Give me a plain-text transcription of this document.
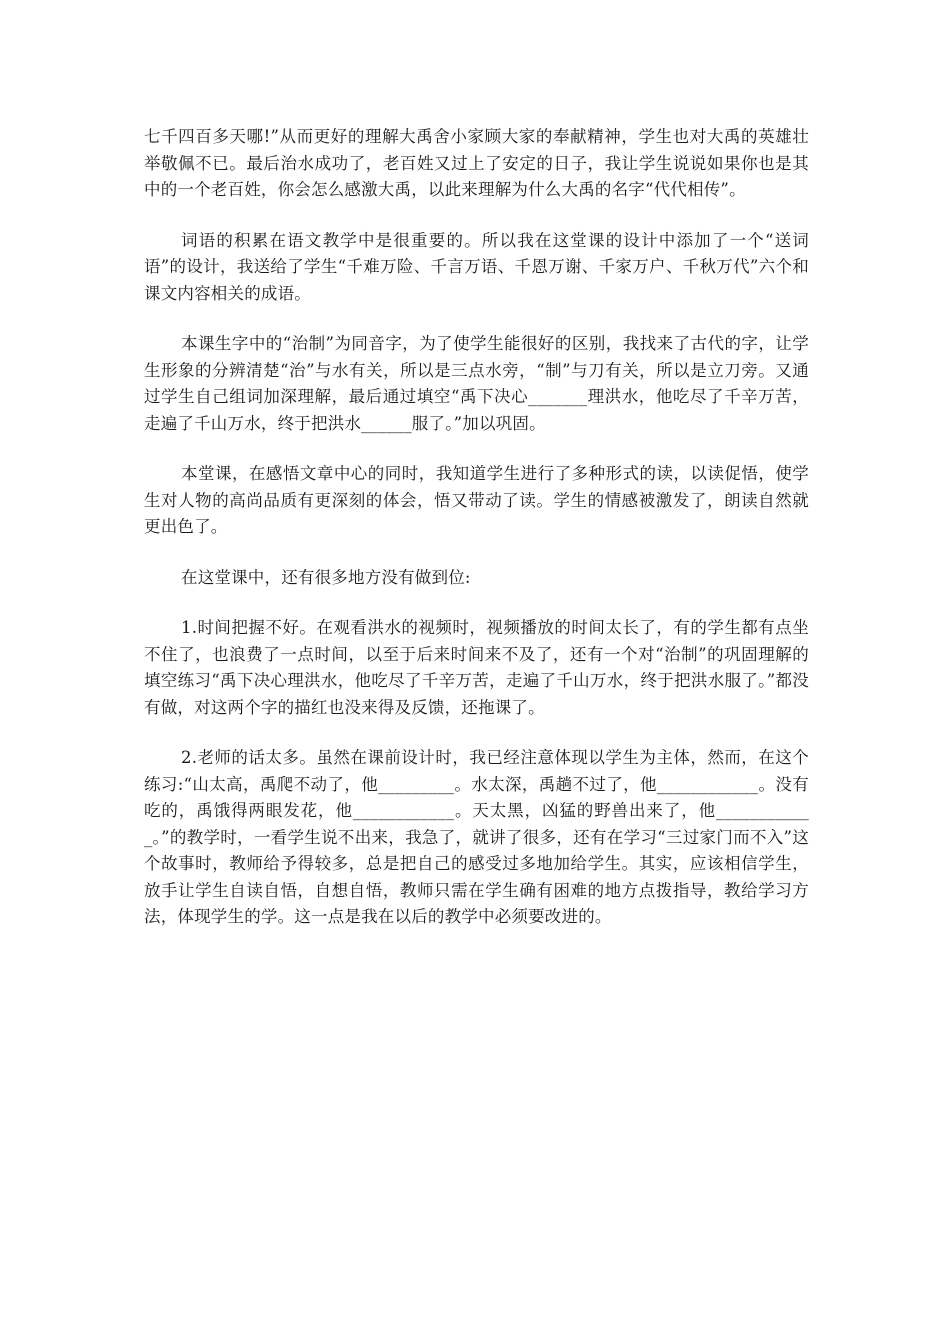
七千四百多天哪!”从而更好的理解大禹舍小家顾大家的奉献精神，学生也对大禹的英雄壮举敬佩不已。最后治水成功了，老百姓又过上了安定的日子，我让学生说说如果你也是其中的一个老百姓，你会怎么感激大禹，以此来理解为什么大禹的名字“代代相传”。

词语的积累在语文教学中是很重要的。所以我在这堂课的设计中添加了一个“送词语”的设计，我送给了学生“千难万险、千言万语、千恩万谢、千家万户、千秋万代”六个和课文内容相关的成语。

本课生字中的“治制”为同音字，为了使学生能很好的区别，我找来了古代的字，让学生形象的分辨清楚“治”与水有关，所以是三点水旁，“制”与刀有关，所以是立刀旁。又通过学生自己组词加深理解，最后通过填空“禹下决心_______理洪水，他吃尽了千辛万苦，走遍了千山万水，终于把洪水______服了。”加以巩固。

本堂课，在感悟文章中心的同时，我知道学生进行了多种形式的读，以读促悟，使学生对人物的高尚品质有更深刻的体会，悟又带动了读。学生的情感被激发了，朗读自然就更出色了。

在这堂课中，还有很多地方没有做到位:

1.时间把握不好。在观看洪水的视频时，视频播放的时间太长了，有的学生都有点坐不住了，也浪费了一点时间，以至于后来时间来不及了，还有一个对“治制”的巩固理解的填空练习“禹下决心理洪水，他吃尽了千辛万苦，走遍了千山万水，终于把洪水服了。”都没有做，对这两个字的描红也没来得及反馈，还拖课了。

2.老师的话太多。虽然在课前设计时，我已经注意体现以学生为主体，然而，在这个练习:“山太高，禹爬不动了，他_________。水太深，禹趟不过了，他____________。没有吃的，禹饿得两眼发花，他____________。天太黑，凶猛的野兽出来了，他____________。”的教学时，一看学生说不出来，我急了，就讲了很多，还有在学习“三过家门而不入”这个故事时，教师给予得较多，总是把自己的感受过多地加给学生。其实，应该相信学生，放手让学生自读自悟，自想自悟，教师只需在学生确有困难的地方点拨指导，教给学习方法，体现学生的学。这一点是我在以后的教学中必须要改进的。
